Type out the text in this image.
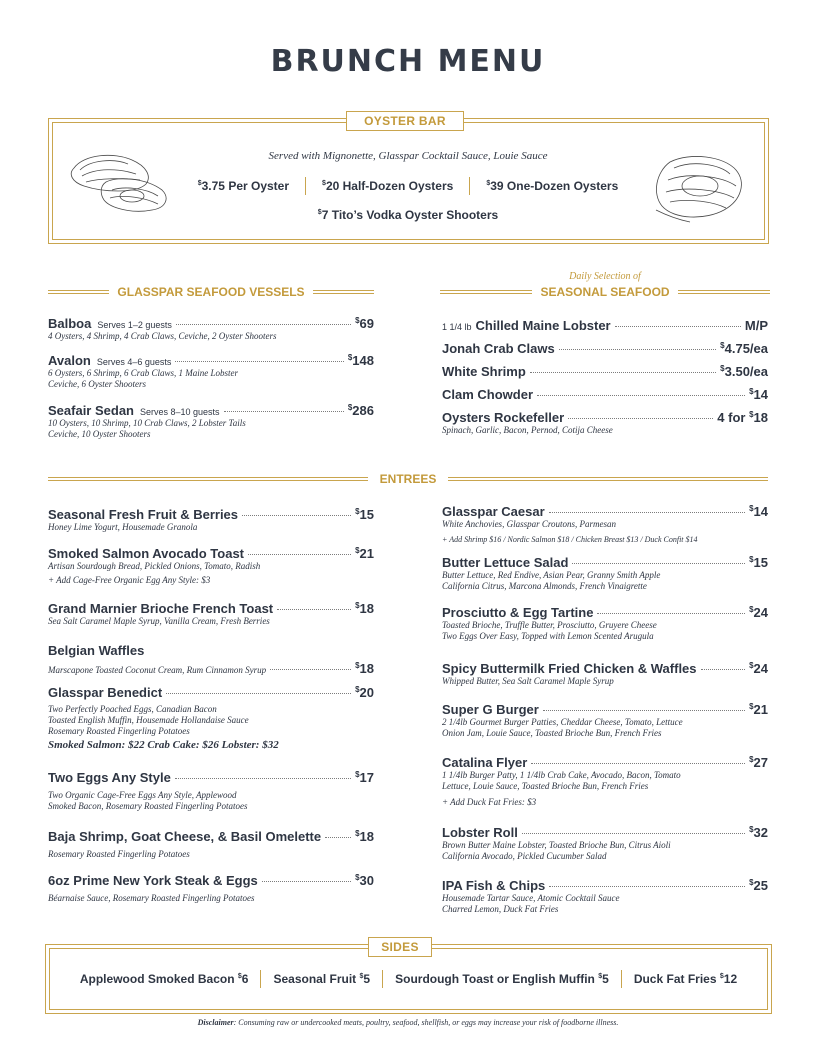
BRUNCH MENU
OYSTER BAR
Served with Mignonette, Glasspar Cocktail Sauce, Louie Sauce
$3.75 Per Oyster	$20 Half-Dozen Oysters	$39 One-Dozen Oysters
$7 Tito’s Vodka Oyster Shooters
GLASSPAR SEAFOOD VESSELS
Daily Selection of
SEASONAL SEAFOOD
Balboa Serves 1–2 guests	$69
4 Oysters, 4 Shrimp, 4 Crab Claws, Ceviche, 2 Oyster Shooters
Avalon Serves 4–6 guests	$148
6 Oysters, 6 Shrimp, 6 Crab Claws, 1 Maine Lobster
Ceviche, 6 Oyster Shooters
Seafair Sedan Serves 8–10 guests	$286
10 Oysters, 10 Shrimp, 10 Crab Claws, 2 Lobster Tails
Ceviche, 10 Oyster Shooters
1 1/4 lb Chilled Maine Lobster	M/P
Jonah Crab Claws	$4.75/ea
White Shrimp	$3.50/ea
Clam Chowder	$14
Oysters Rockefeller	4 for $18
Spinach, Garlic, Bacon, Pernod, Cotija Cheese
ENTREES
Seasonal Fresh Fruit & Berries	$15
Honey Lime Yogurt, Housemade Granola
Smoked Salmon Avocado Toast	$21
Artisan Sourdough Bread, Pickled Onions, Tomato, Radish
+ Add Cage-Free Organic Egg Any Style: $3
Grand Marnier Brioche French Toast	$18
Sea Salt Caramel Maple Syrup, Vanilla Cream, Fresh Berries
Belgian Waffles
Marscapone Toasted Coconut Cream, Rum Cinnamon Syrup	$18
Glasspar Benedict	$20
Two Perfectly Poached Eggs, Canadian Bacon
Toasted English Muffin, Housemade Hollandaise Sauce
Rosemary Roasted Fingerling Potatoes
Smoked Salmon: $22 Crab Cake: $26 Lobster: $32
Two Eggs Any Style	$17
Two Organic Cage-Free Eggs Any Style, Applewood
Smoked Bacon, Rosemary Roasted Fingerling Potatoes
Baja Shrimp, Goat Cheese, & Basil Omelette	$18
Rosemary Roasted Fingerling Potatoes
6oz Prime New York Steak & Eggs	$30
Béarnaise Sauce, Rosemary Roasted Fingerling Potatoes
Glasspar Caesar	$14
White Anchovies, Glasspar Croutons, Parmesan
+ Add Shrimp $16 / Nordic Salmon $18 / Chicken Breast $13 / Duck Confit $14
Butter Lettuce Salad	$15
Butter Lettuce, Red Endive, Asian Pear, Granny Smith Apple
California Citrus, Marcona Almonds, French Vinaigrette
Prosciutto & Egg Tartine	$24
Toasted Brioche, Truffle Butter, Prosciutto, Gruyere Cheese
Two Eggs Over Easy, Topped with Lemon Scented Arugula
Spicy Buttermilk Fried Chicken & Waffles	$24
Whipped Butter, Sea Salt Caramel Maple Syrup
Super G Burger	$21
2 1/4lb Gourmet Burger Patties, Cheddar Cheese, Tomato, Lettuce
Onion Jam, Louie Sauce, Toasted Brioche Bun, French Fries
Catalina Flyer	$27
1 1/4lb Burger Patty, 1 1/4lb Crab Cake, Avocado, Bacon, Tomato
Lettuce, Louie Sauce, Toasted Brioche Bun, French Fries
+ Add Duck Fat Fries: $3
Lobster Roll	$32
Brown Butter Maine Lobster, Toasted Brioche Bun, Citrus Aioli
California Avocado, Pickled Cucumber Salad
IPA Fish & Chips	$25
Housemade Tartar Sauce, Atomic Cocktail Sauce
Charred Lemon, Duck Fat Fries
SIDES
Applewood Smoked Bacon $6	Seasonal Fruit $5	Sourdough Toast or English Muffin $5	Duck Fat Fries $12
Disclaimer: Consuming raw or undercooked meats, poultry, seafood, shellfish, or eggs may increase your risk of foodborne illness.
